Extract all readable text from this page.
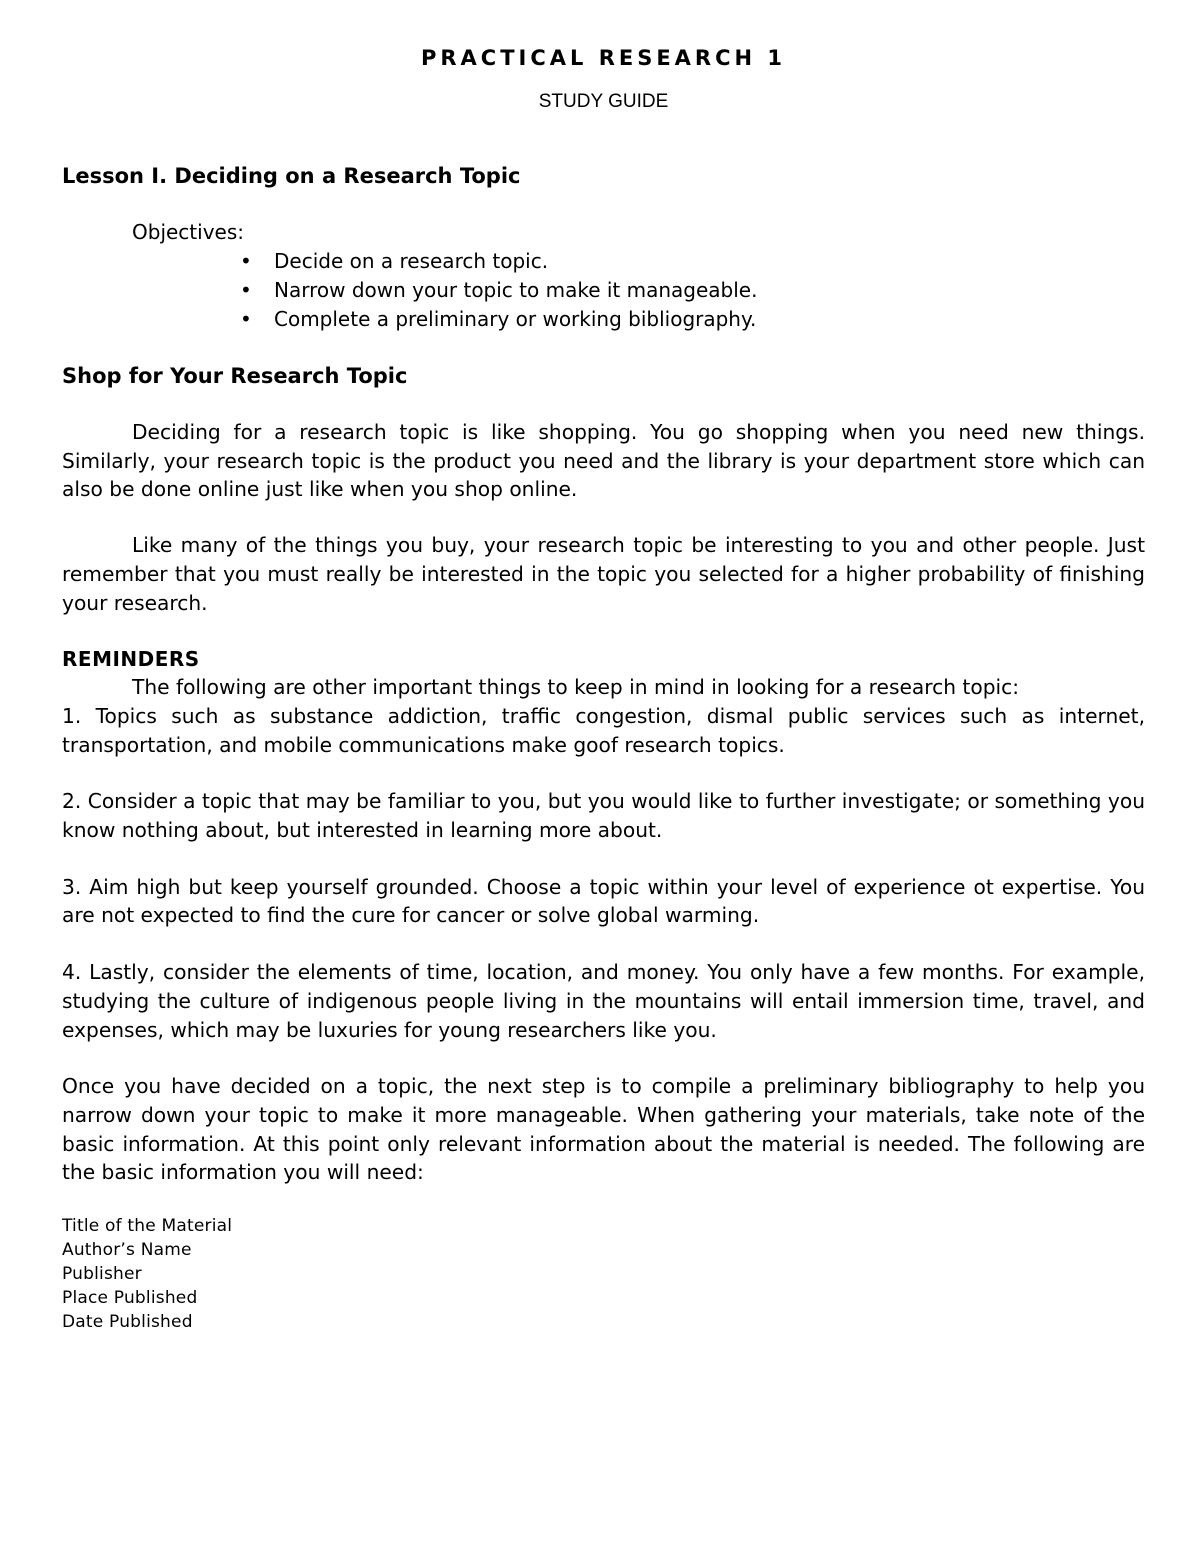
PRACTICAL RESEARCH 1
STUDY GUIDE
Lesson I. Deciding on a Research Topic
Objectives:
• Decide on a research topic.
• Narrow down your topic to make it manageable.
• Complete a preliminary or working bibliography.
Shop for Your Research Topic

Deciding for a research topic is like shopping. You go shopping when you need new things. Similarly, your research topic is the product you need and the library is your department store which can also be done online just like when you shop online.

Like many of the things you buy, your research topic be interesting to you and other people. Just remember that you must really be interested in the topic you selected for a higher probability of finishing your research.

REMINDERS

The following are other important things to keep in mind in looking for a research topic:

1. Topics such as substance addiction, traffic congestion, dismal public services such as internet, transportation, and mobile communications make goof research topics.

2. Consider a topic that may be familiar to you, but you would like to further investigate; or something you know nothing about, but interested in learning more about.

3. Aim high but keep yourself grounded. Choose a topic within your level of experience ot expertise. You are not expected to find the cure for cancer or solve global warming.

4. Lastly, consider the elements of time, location, and money. You only have a few months. For example, studying the culture of indigenous people living in the mountains will entail immersion time, travel, and expenses, which may be luxuries for young researchers like you.

Once you have decided on a topic, the next step is to compile a preliminary bibliography to help you narrow down your topic to make it more manageable. When gathering your materials, take note of the basic information. At this point only relevant information about the material is needed. The following are the basic information you will need:

Title of the Material
Author’s Name
Publisher
Place Published
Date Published
